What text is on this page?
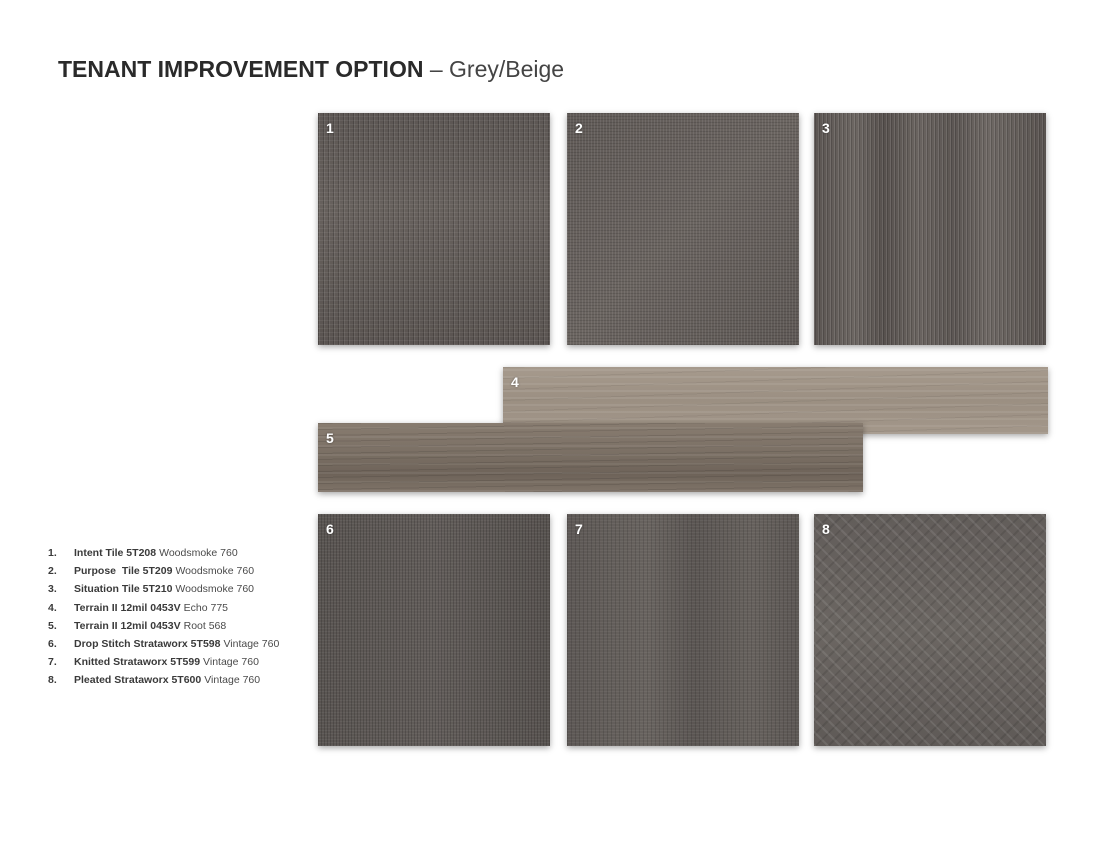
TENANT IMPROVEMENT OPTION – Grey/Beige
1	2	3
4
5
6	7	8
1.	Intent Tile 5T208 Woodsmoke 760
2.	Purpose  Tile 5T209 Woodsmoke 760
3.	Situation Tile 5T210 Woodsmoke 760
4.	Terrain II 12mil 0453V Echo 775
5.	Terrain II 12mil 0453V Root 568
6.	Drop Stitch Strataworx 5T598 Vintage 760
7.	Knitted Strataworx 5T599 Vintage 760
8.	Pleated Strataworx 5T600 Vintage 760
